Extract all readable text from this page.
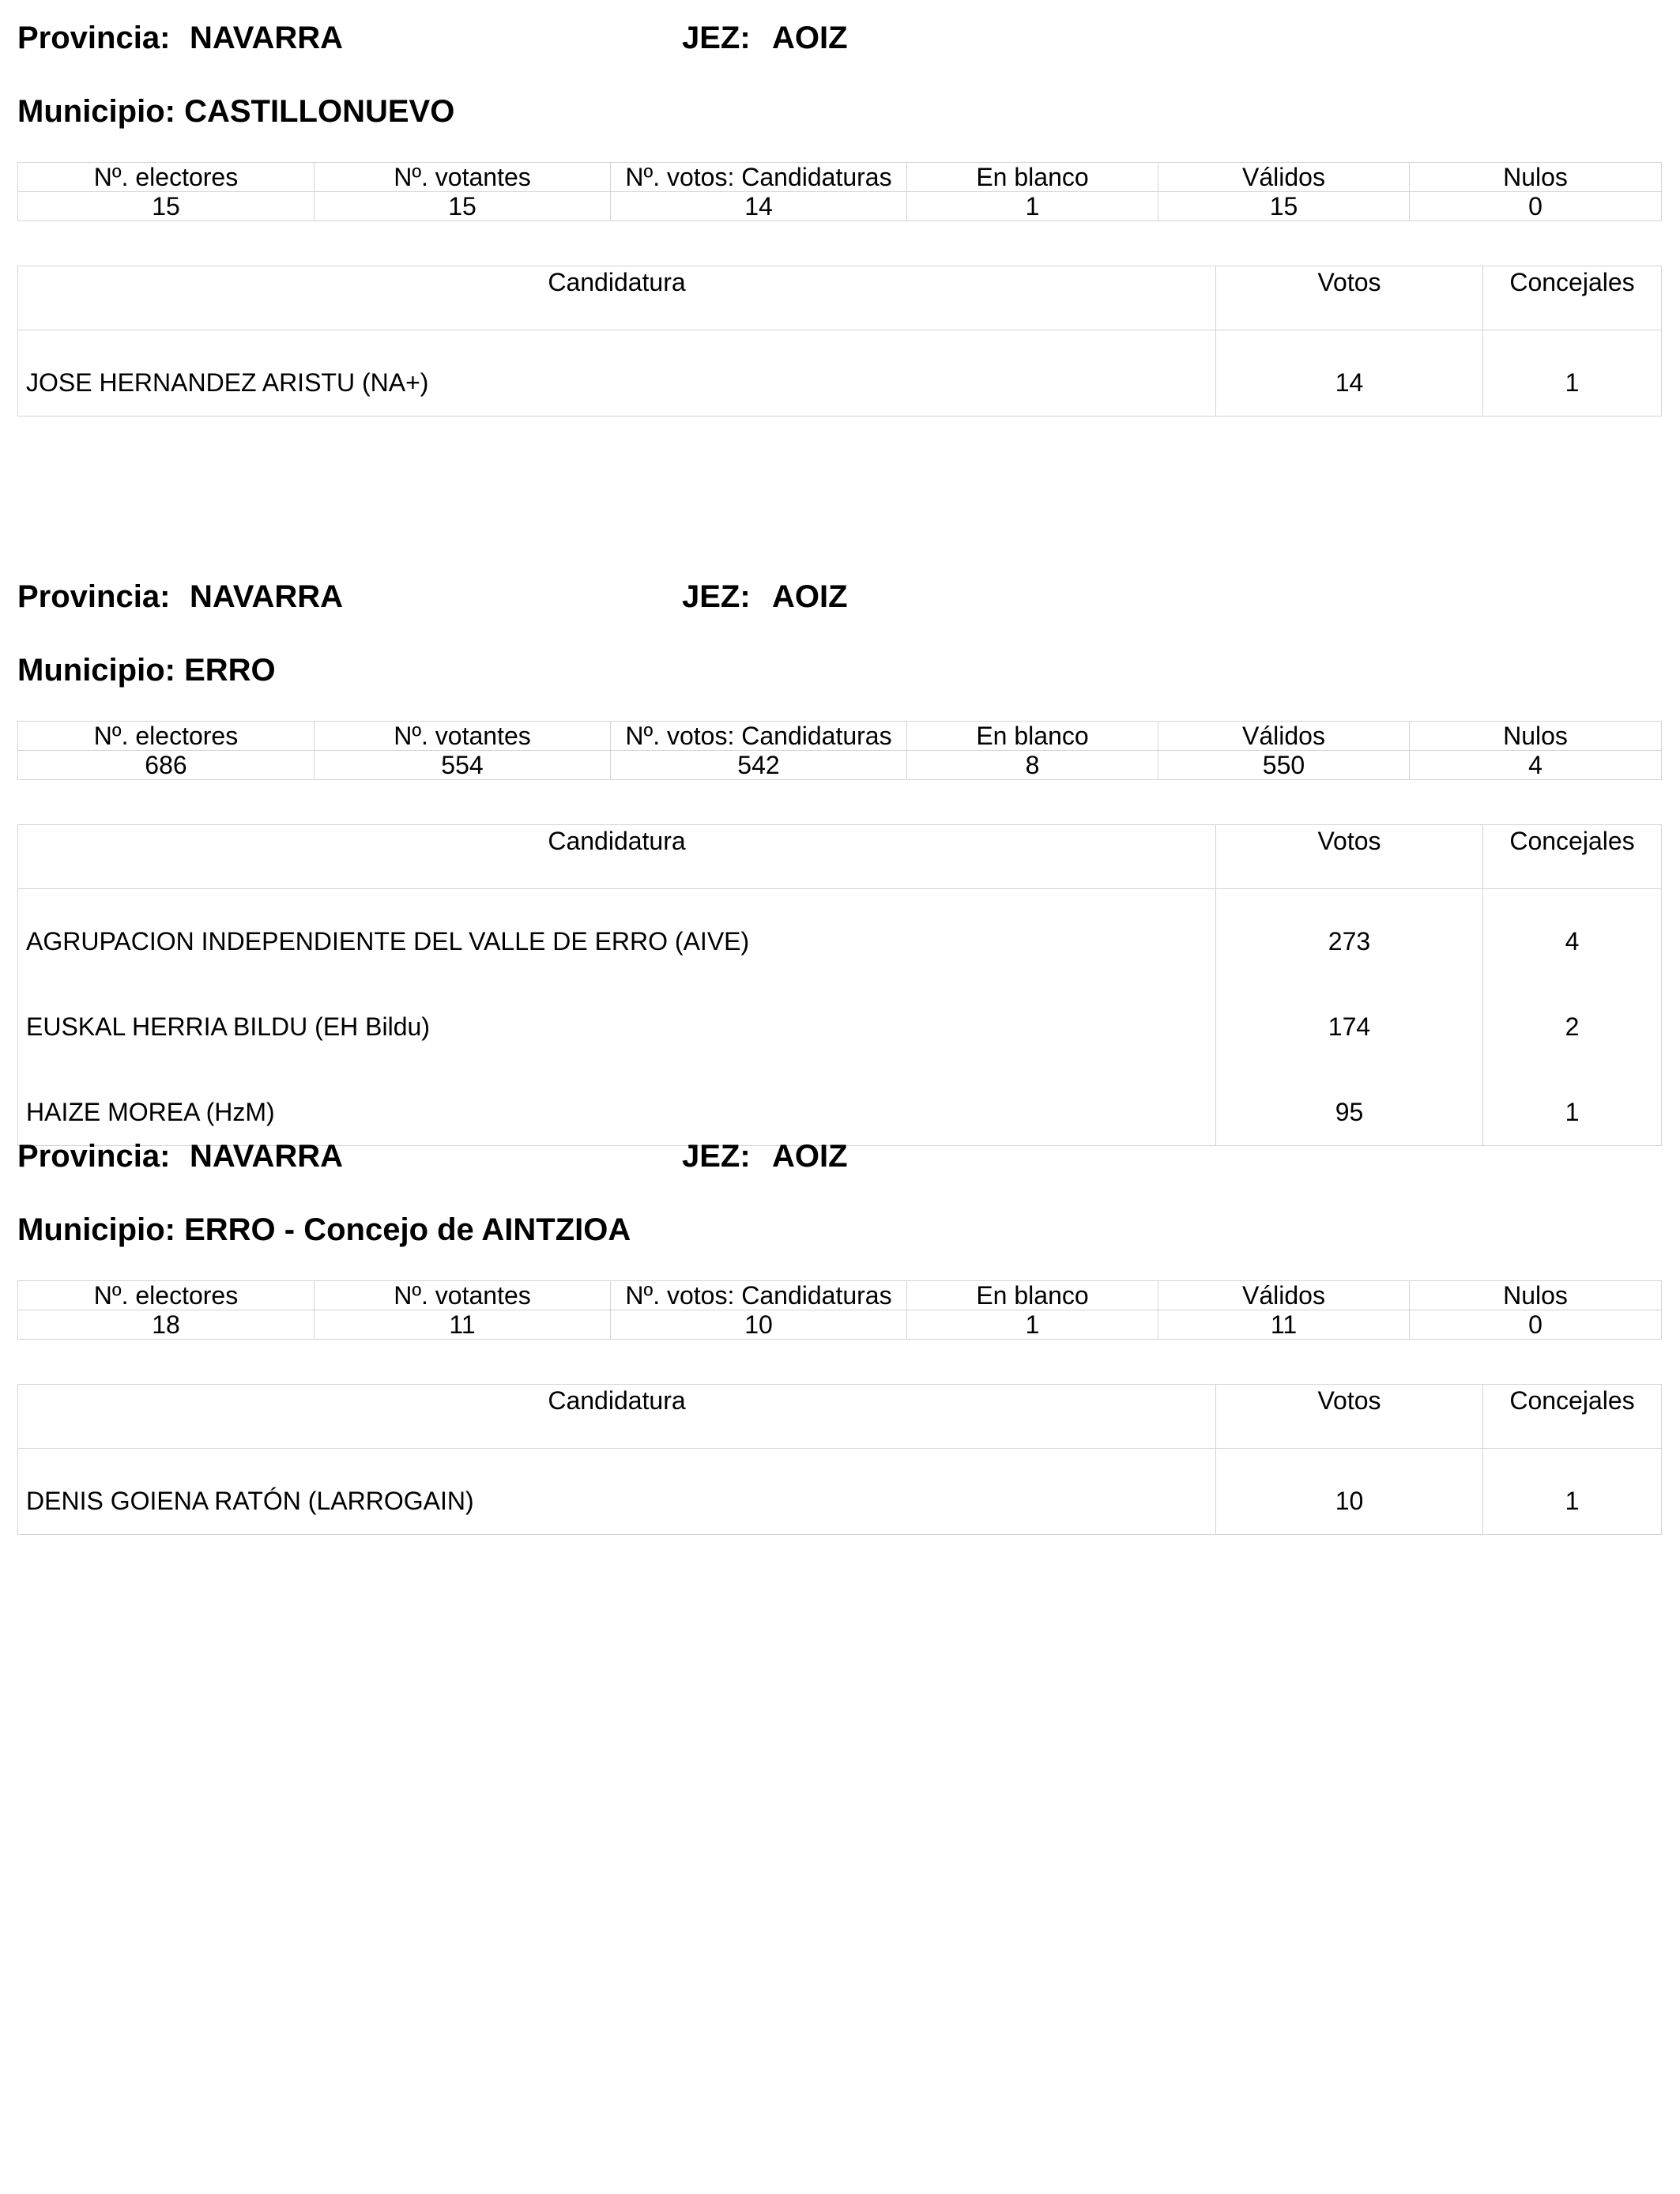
Provincia: NAVARRA	JEZ: AOIZ
Municipio: CASTILLONUEVO
Nº. electores	Nº. votantes	Nº. votos: Candidaturas	En blanco	Válidos	Nulos
15	15	14	1	15	0
Candidatura	Votos	Concejales
JOSE HERNANDEZ ARISTU (NA+)	14	1
Provincia: NAVARRA	JEZ: AOIZ
Municipio: ERRO
Nº. electores	Nº. votantes	Nº. votos: Candidaturas	En blanco	Válidos	Nulos
686	554	542	8	550	4
Candidatura	Votos	Concejales
AGRUPACION INDEPENDIENTE DEL VALLE DE ERRO (AIVE)	273	4
EUSKAL HERRIA BILDU (EH Bildu)	174	2
HAIZE MOREA (HzM)	95	1
Provincia: NAVARRA	JEZ: AOIZ
Municipio: ERRO - Concejo de AINTZIOA
Nº. electores	Nº. votantes	Nº. votos: Candidaturas	En blanco	Válidos	Nulos
18	11	10	1	11	0
Candidatura	Votos	Concejales
DENIS GOIENA RATÓN (LARROGAIN)	10	1
